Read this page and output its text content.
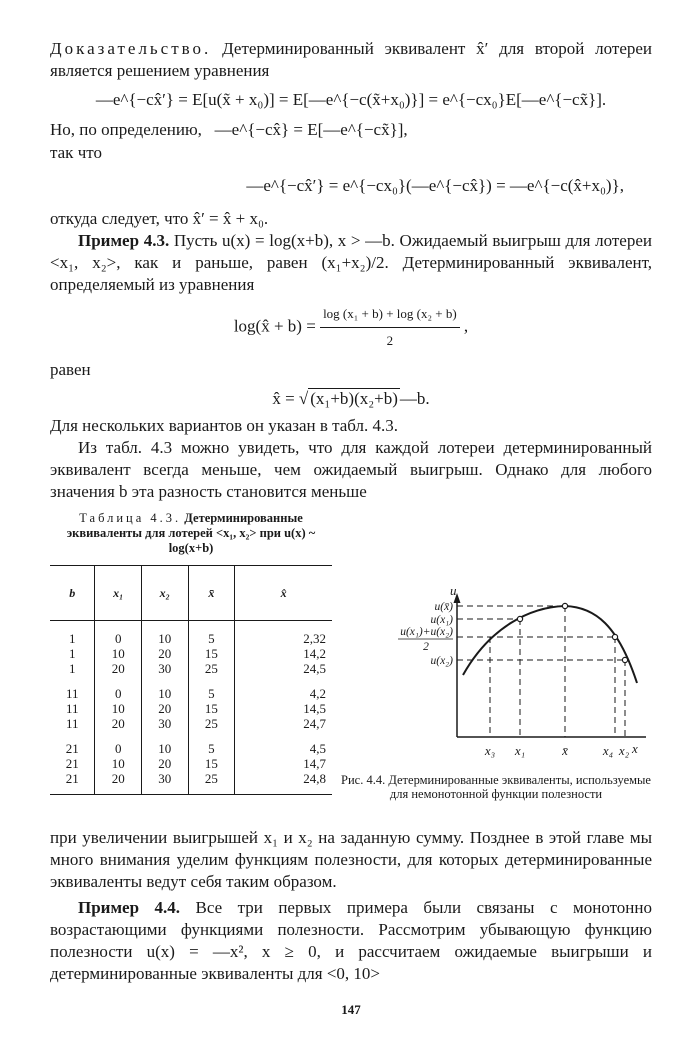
Доказательство. Детерминированный эквивалент x̂′ для второй лотереи является решением уравнения

—e^{−cx̂′} = E[u(x̃ + x₀)] = E[—e^{−c(x̃+x₀)}] = e^{−cx₀}E[—e^{−cx̃}].

Но, по определению, —e^{−cx̂} = E[—e^{−cx̃}],

так что

—e^{−cx̂′} = e^{−cx₀}(—e^{−cx̂}) = —e^{−c(x̂+x₀)},

откуда следует, что x̂′ = x̂ + x₀.

Пример 4.3. Пусть u(x) = log(x+b), x > —b. Ожидаемый выигрыш для лотереи <x₁, x₂>, как и раньше, равен (x₁+x₂)/2. Детерминированный эквивалент, определяемый из уравнения

log(x̂ + $b) = \frac{\text{log (x₁ + b) + log (x₂ + b)}}{2}$ ,

равен

x̂ = √ (x₁+b)(x₂+b) —b.

Для нескольких вариантов он указан в табл. 4.3.

Из табл. 4.3 можно увидеть, что для каждой лотереи детерминированный эквивалент всегда меньше, чем ожидаемый выигрыш. Однако для любого значения b эта разность становится меньше

Таблица 4.3. Детерминированные эквиваленты для лотерей <x₁, x₂> при u(x) ~ log(x+b)
b	x₁	x₂	x̄	x̂
1	0	10	5	2,32
1	10	20	15	14,2
1	20	30	25	24,5
11	0	10	5	4,2
11	10	20	15	14,5
11	20	30	25	24,7
21	0	10	5	4,5
21	10	20	15	14,7
21	20	30	25	24,8
u
x
u(x̄)
u(x₁)
u(x₁)+u(x₂)
2
u(x₂)
x₃ x₁	x̄	x₄ x₂
Рис. 4.4. Детерминированные эквиваленты, используемые для немонотонной функции полезности

при увеличении выигрышей x₁ и x₂ на заданную сумму. Позднее в этой главе мы много внимания уделим функциям полезности, для которых детерминированные эквиваленты ведут себя таким образом.

Пример 4.4. Все три первых примера были связаны с монотонно возрастающими функциями полезности. Рассмотрим убывающую функцию полезности u(x) = —x², x ≥ 0, и рассчитаем ожидаемые выигрыши и детерминированные эквиваленты для <0, 10>

147
